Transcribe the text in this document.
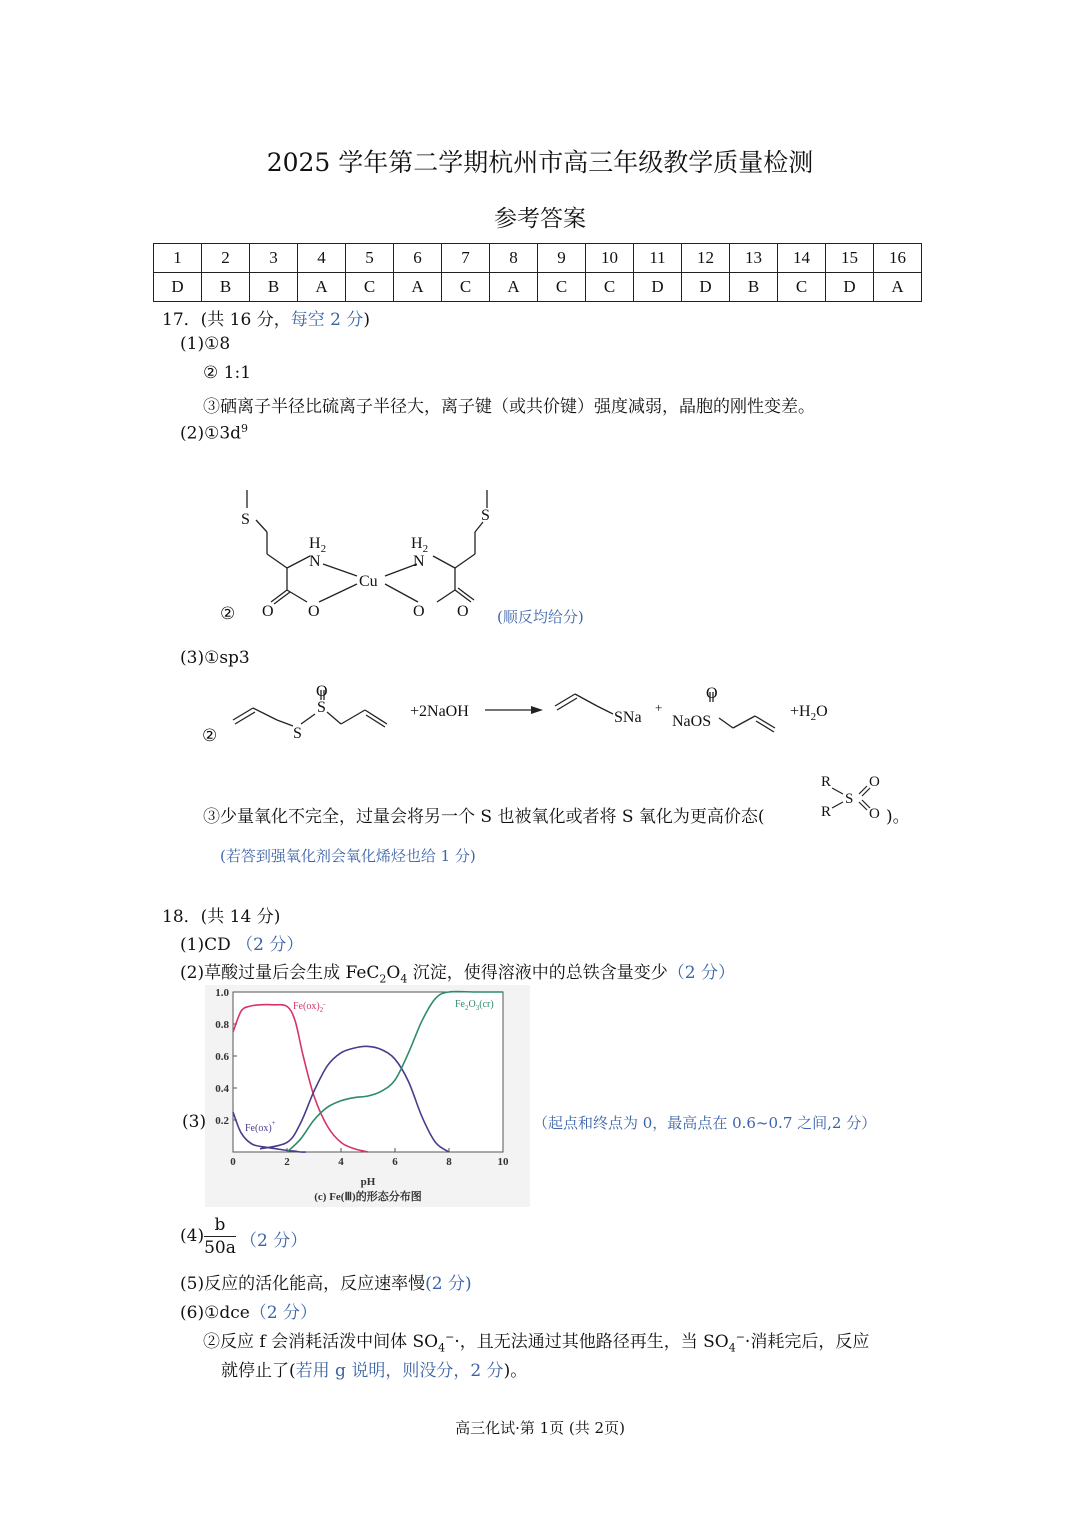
2025 学年第二学期杭州市高三年级教学质量检测
参考答案
1	2	3	4	5	6	7	8	9	10	11	12	13	14	15	16
D	B	B	A	C	A	C	A	C	C	D	D	B	C	D	A
17．(共 16 分，每空 2 分)
(1)①8
② 1:1
③硒离子半径比硫离子半径大，离子键（或共价键）强度减弱，晶胞的刚性变差。
$(2)①3d^9$
S
$H_2$
N
Cu
O O
$H_2$
N
O O
S
②	(顺反均给分)
(3)①sp3
O
S
S
+2NaOH	SNa
+
O
NaOS
$+H_2O$
②
③少量氧化不完全，过量会将另一个 S 也被氧化或者将 S 氧化为更高价态(
R
R
S
O
O )。
(若答到强氧化剂会氧化烯烃也给 1 分)
18．(共 14 分)
(1)CD （2 分）
(2)草酸过量后会生成 $FeC_2O_4$ 沉淀，使得溶液中的总铁含量变少（2 分）
0.2
0.4
0.6
0.8
1.0
0	2	4	6	8	10
$Fe(ox)_2^-$
Fe(ox)+
$Fe_2O_3(cr)$
pH
(c) Fe(Ⅲ)的形态分布图
(3)	（起点和终点为 0，最高点在 0.6~0.7 之间,2 分）
$(4) \frac{b}{50a} (2$ 分）
(5)反应的活化能高，反应速率慢(2 分)
(6)①dce（2 分）
②反应 f 会消耗活泼中间体 $SO_4^-\cdot$，且无法通过其他路径再生，当 $SO_4^-\cdot$消耗完后，反应
就停止了(若用 g 说明，则没分，2 分)。
高三化试·第 1页 (共 2页)
